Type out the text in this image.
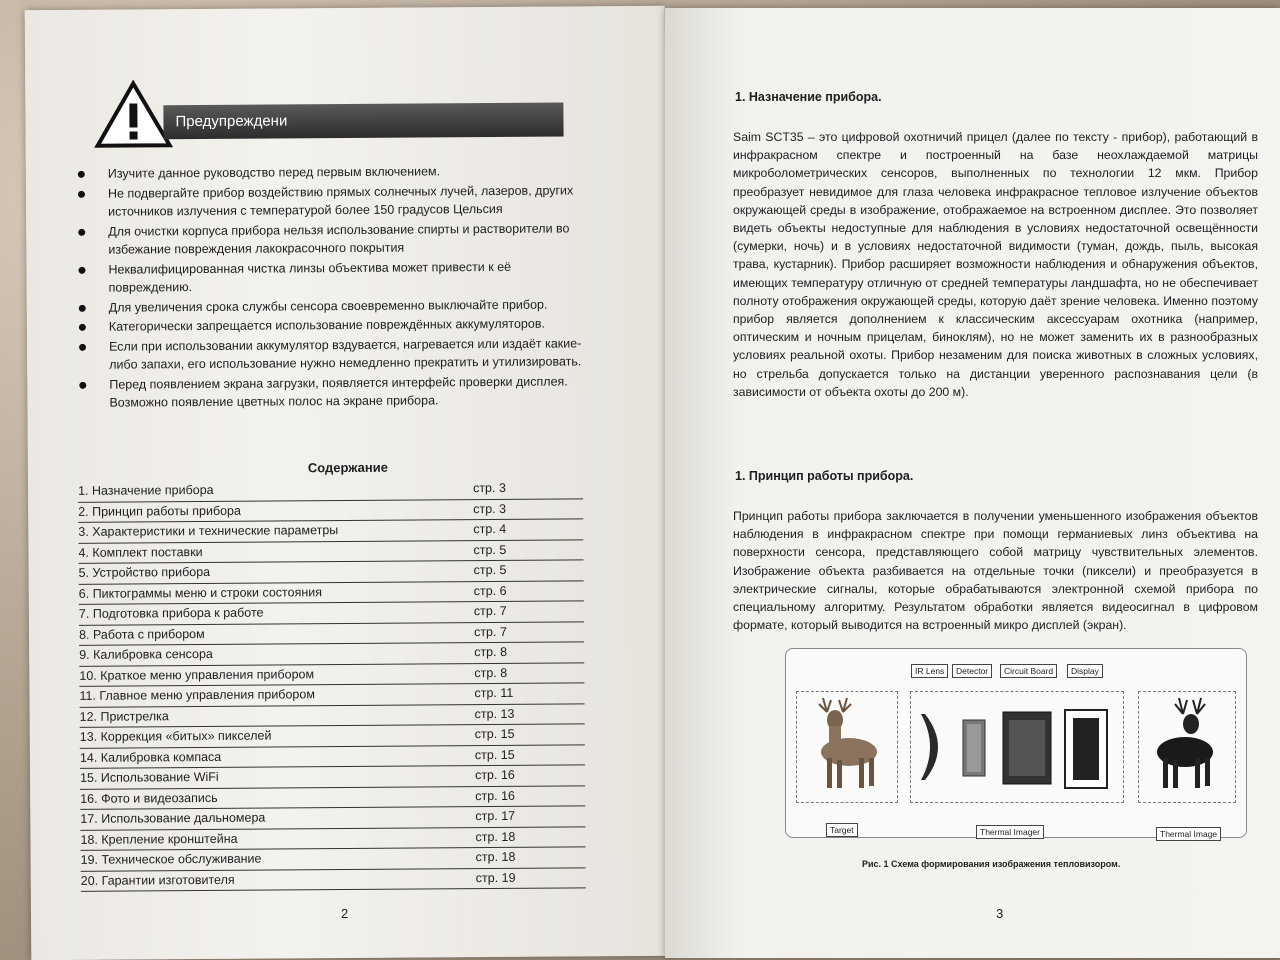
Предупреждени
Изучите данное руководство перед первым включением.
Не подвергайте прибор воздействию прямых солнечных лучей, лазеров, других источников излучения с температурой более 150 градусов Цельсия
Для очистки корпуса прибора нельзя использование спирты и растворители во избежание повреждения лакокрасочного покрытия
Неквалифицированная чистка линзы объектива может привести к её повреждению.
Для увеличения срока службы сенсора своевременно выключайте прибор.
Категорически запрещается использование повреждённых аккумуляторов.
Если при использовании аккумулятор вздувается, нагревается или издаёт какие-либо запахи, его использование нужно немедленно прекратить и утилизировать.
Перед появлением экрана загрузки, появляется интерфейс проверки дисплея. Возможно появление цветных полос на экране прибора.
Содержание
1. Назначение прибора	стр. 3
2. Принцип работы прибора	стр. 3
3. Характеристики и технические параметры	стр. 4
4. Комплект поставки	стр. 5
5. Устройство прибора	стр. 5
6. Пиктограммы меню и строки состояния	стр. 6
7. Подготовка прибора к работе	стр. 7
8. Работа с прибором	стр. 7
9. Калибровка сенсора	стр. 8
10. Краткое меню управления прибором	стр. 8
11. Главное меню управления прибором	стр. 11
12. Пристрелка	стр. 13
13. Коррекция «битых» пикселей	стр. 15
14. Калибровка компаса	стр. 15
15. Использование WiFi	стр. 16
16. Фото и видеозапись	стр. 16
17. Использование дальномера	стр. 17
18. Крепление кронштейна	стр. 18
19. Техническое обслуживание	стр. 18
20. Гарантии изготовителя	стр. 19
2
1. Назначение прибора.
Saim SCT35 – это цифровой охотничий прицел (далее по тексту - прибор), работающий в инфракрасном спектре и построенный на базе неохлаждаемой матрицы микроболометрических сенсоров, выполненных по технологии 12 мкм. Прибор преобразует невидимое для глаза человека инфракрасное тепловое излучение объектов окружающей среды в изображение, отображаемое на встроенном дисплее. Это позволяет видеть объекты недоступные для наблюдения в условиях недостаточной освещённости (сумерки, ночь) и в условиях недостаточной видимости (туман, дождь, пыль, высокая трава, кустарник). Прибор расширяет возможности наблюдения и обнаружения объектов, имеющих температуру отличную от средней температуры ландшафта, но не обеспечивает полноту отображения окружающей среды, которую даёт зрение человека. Именно поэтому прибор является дополнением к классическим аксессуарам охотника (например, оптическим и ночным прицелам, биноклям), но не может заменить их в разнообразных условиях реальной охоты. Прибор незаменим для поиска животных в сложных условиях, но стрельба допускается только на дистанции уверенного распознавания цели (в зависимости от объекта охоты до 200 м).
1. Принцип работы прибора.
Принцип работы прибора заключается в получении уменьшенного изображения объектов наблюдения в инфракрасном спектре при помощи германиевых линз объектива на поверхности сенсора, представляющего собой матрицу чувствительных элементов. Изображение объекта разбивается на отдельные точки (пиксели) и преобразуется в электрические сигналы, которые обрабатываются электронной схемой прибора по специальному алгоритму. Результатом обработки является видеосигнал в цифровом формате, который выводится на встроенный микро дисплей (экран).
IR Lens	Detector	Circuit Board	Display
Target	Thermal Imager	Thermal Image
Рис. 1 Схема формирования изображения тепловизором.
3
